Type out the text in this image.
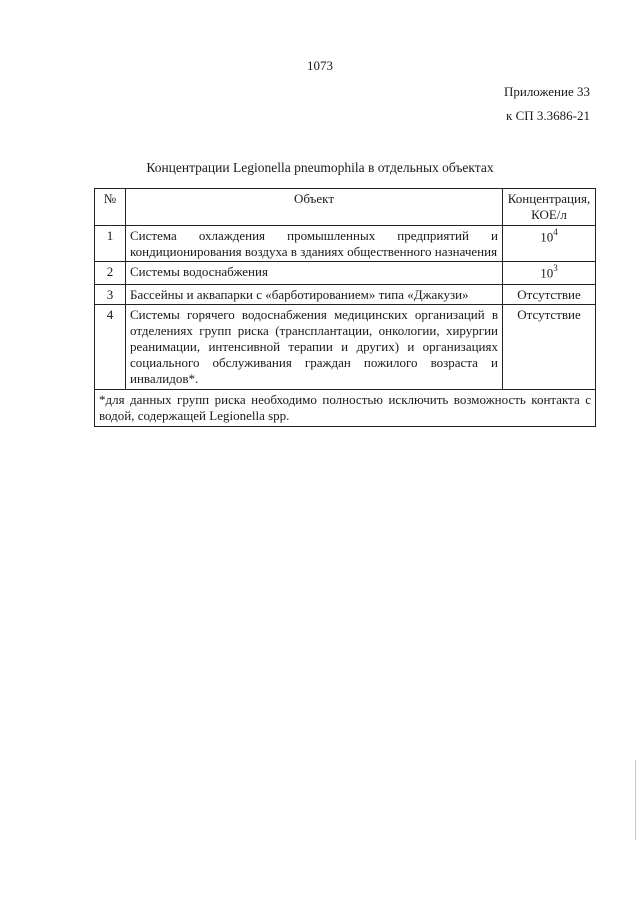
1073
Приложение 33
к СП 3.3686-21
Концентрации Legionella pneumophila в отдельных объектах
№	Объект	Концентрация, КОЕ/л
1	Система охлаждения промышленных предприятий и кондиционирования воздуха в зданиях общественного назначения	$10^4$
2	Системы водоснабжения	$10^3$
3	Бассейны и аквапарки с «барботированием» типа «Джакузи»	Отсутствие
4	Системы горячего водоснабжения медицинских организаций в отделениях групп риска (трансплантации, онкологии, хирургии реанимации, интенсивной терапии и других) и организациях социального обслуживания граждан пожилого возраста и инвалидов*.	Отсутствие
*для данных групп риска необходимо полностью исключить возможность контакта с водой, содержащей Legionella spp.		
